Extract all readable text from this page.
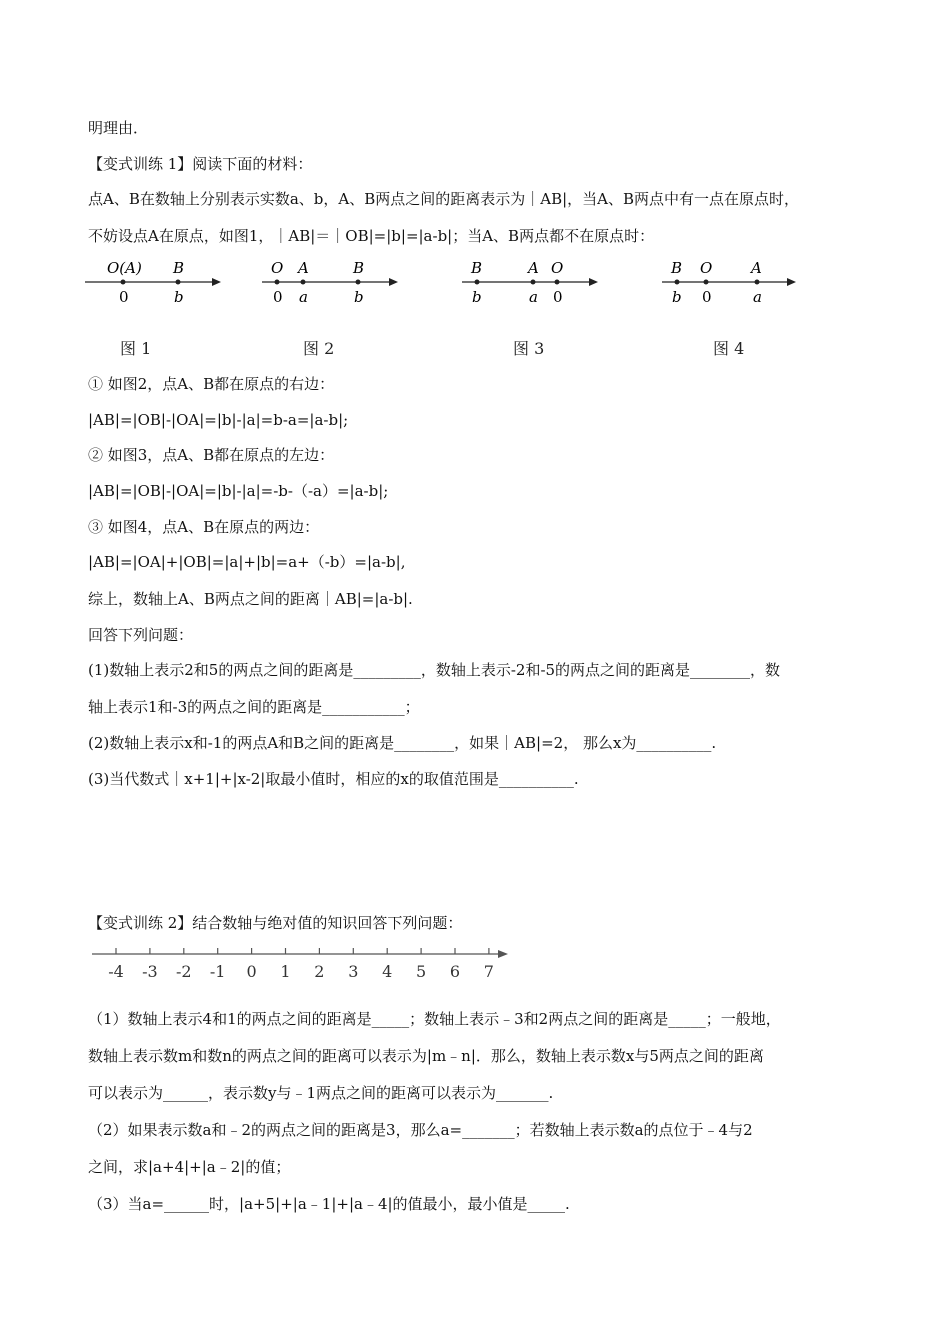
明理由．
【变式训练 1】阅读下面的材料：
点A、B在数轴上分别表示实数a、b，A、B两点之间的距离表示为｜AB|，当A、B两点中有一点在原点时，
不妨设点A在原点，如图1，｜AB|＝｜OB|=|b|=|a-b|；当A、B两点都不在原点时：
O(A) B
0	b
图 1
O A	B
0 a	b
图 2
B	A O
b	a 0
图 3
B O	A
b 0	a
图 4
① 如图2，点A、B都在原点的右边：
|AB|=|OB|-|OA|=|b|-|a|=b-a=|a-b|;
② 如图3，点A、B都在原点的左边：
|AB|=|OB|-|OA|=|b|-|a|=-b-（-a）=|a-b|;
③ 如图4，点A、B在原点的两边：
|AB|=|OA|+|OB|=|a|+|b|=a+（-b）=|a-b|,
综上，数轴上A、B两点之间的距离｜AB|=|a-b|.
回答下列问题：
(1)数轴上表示2和5的两点之间的距离是_________，数轴上表示-2和-5的两点之间的距离是________，数
轴上表示1和-3的两点之间的距离是___________；
(2)数轴上表示x和-1的两点A和B之间的距离是________，如果｜AB|=2， 那么x为__________.
(3)当代数式｜x+1|+|x-2|取最小值时，相应的x的取值范围是__________.
【变式训练 2】结合数轴与绝对值的知识回答下列问题：
-4 -3 -2 -1 0 1 2 3 4 5 6 7
（1）数轴上表示4和1的两点之间的距离是_____；数轴上表示﹣3和2两点之间的距离是_____；一般地，
数轴上表示数m和数n的两点之间的距离可以表示为|m﹣n|．那么，数轴上表示数x与5两点之间的距离
可以表示为______，表示数y与﹣1两点之间的距离可以表示为_______.
（2）如果表示数a和﹣2的两点之间的距离是3，那么a=_______；若数轴上表示数a的点位于﹣4与2
之间，求|a+4|+|a﹣2|的值；
（3）当a=______时，|a+5|+|a﹣1|+|a﹣4|的值最小，最小值是_____.
